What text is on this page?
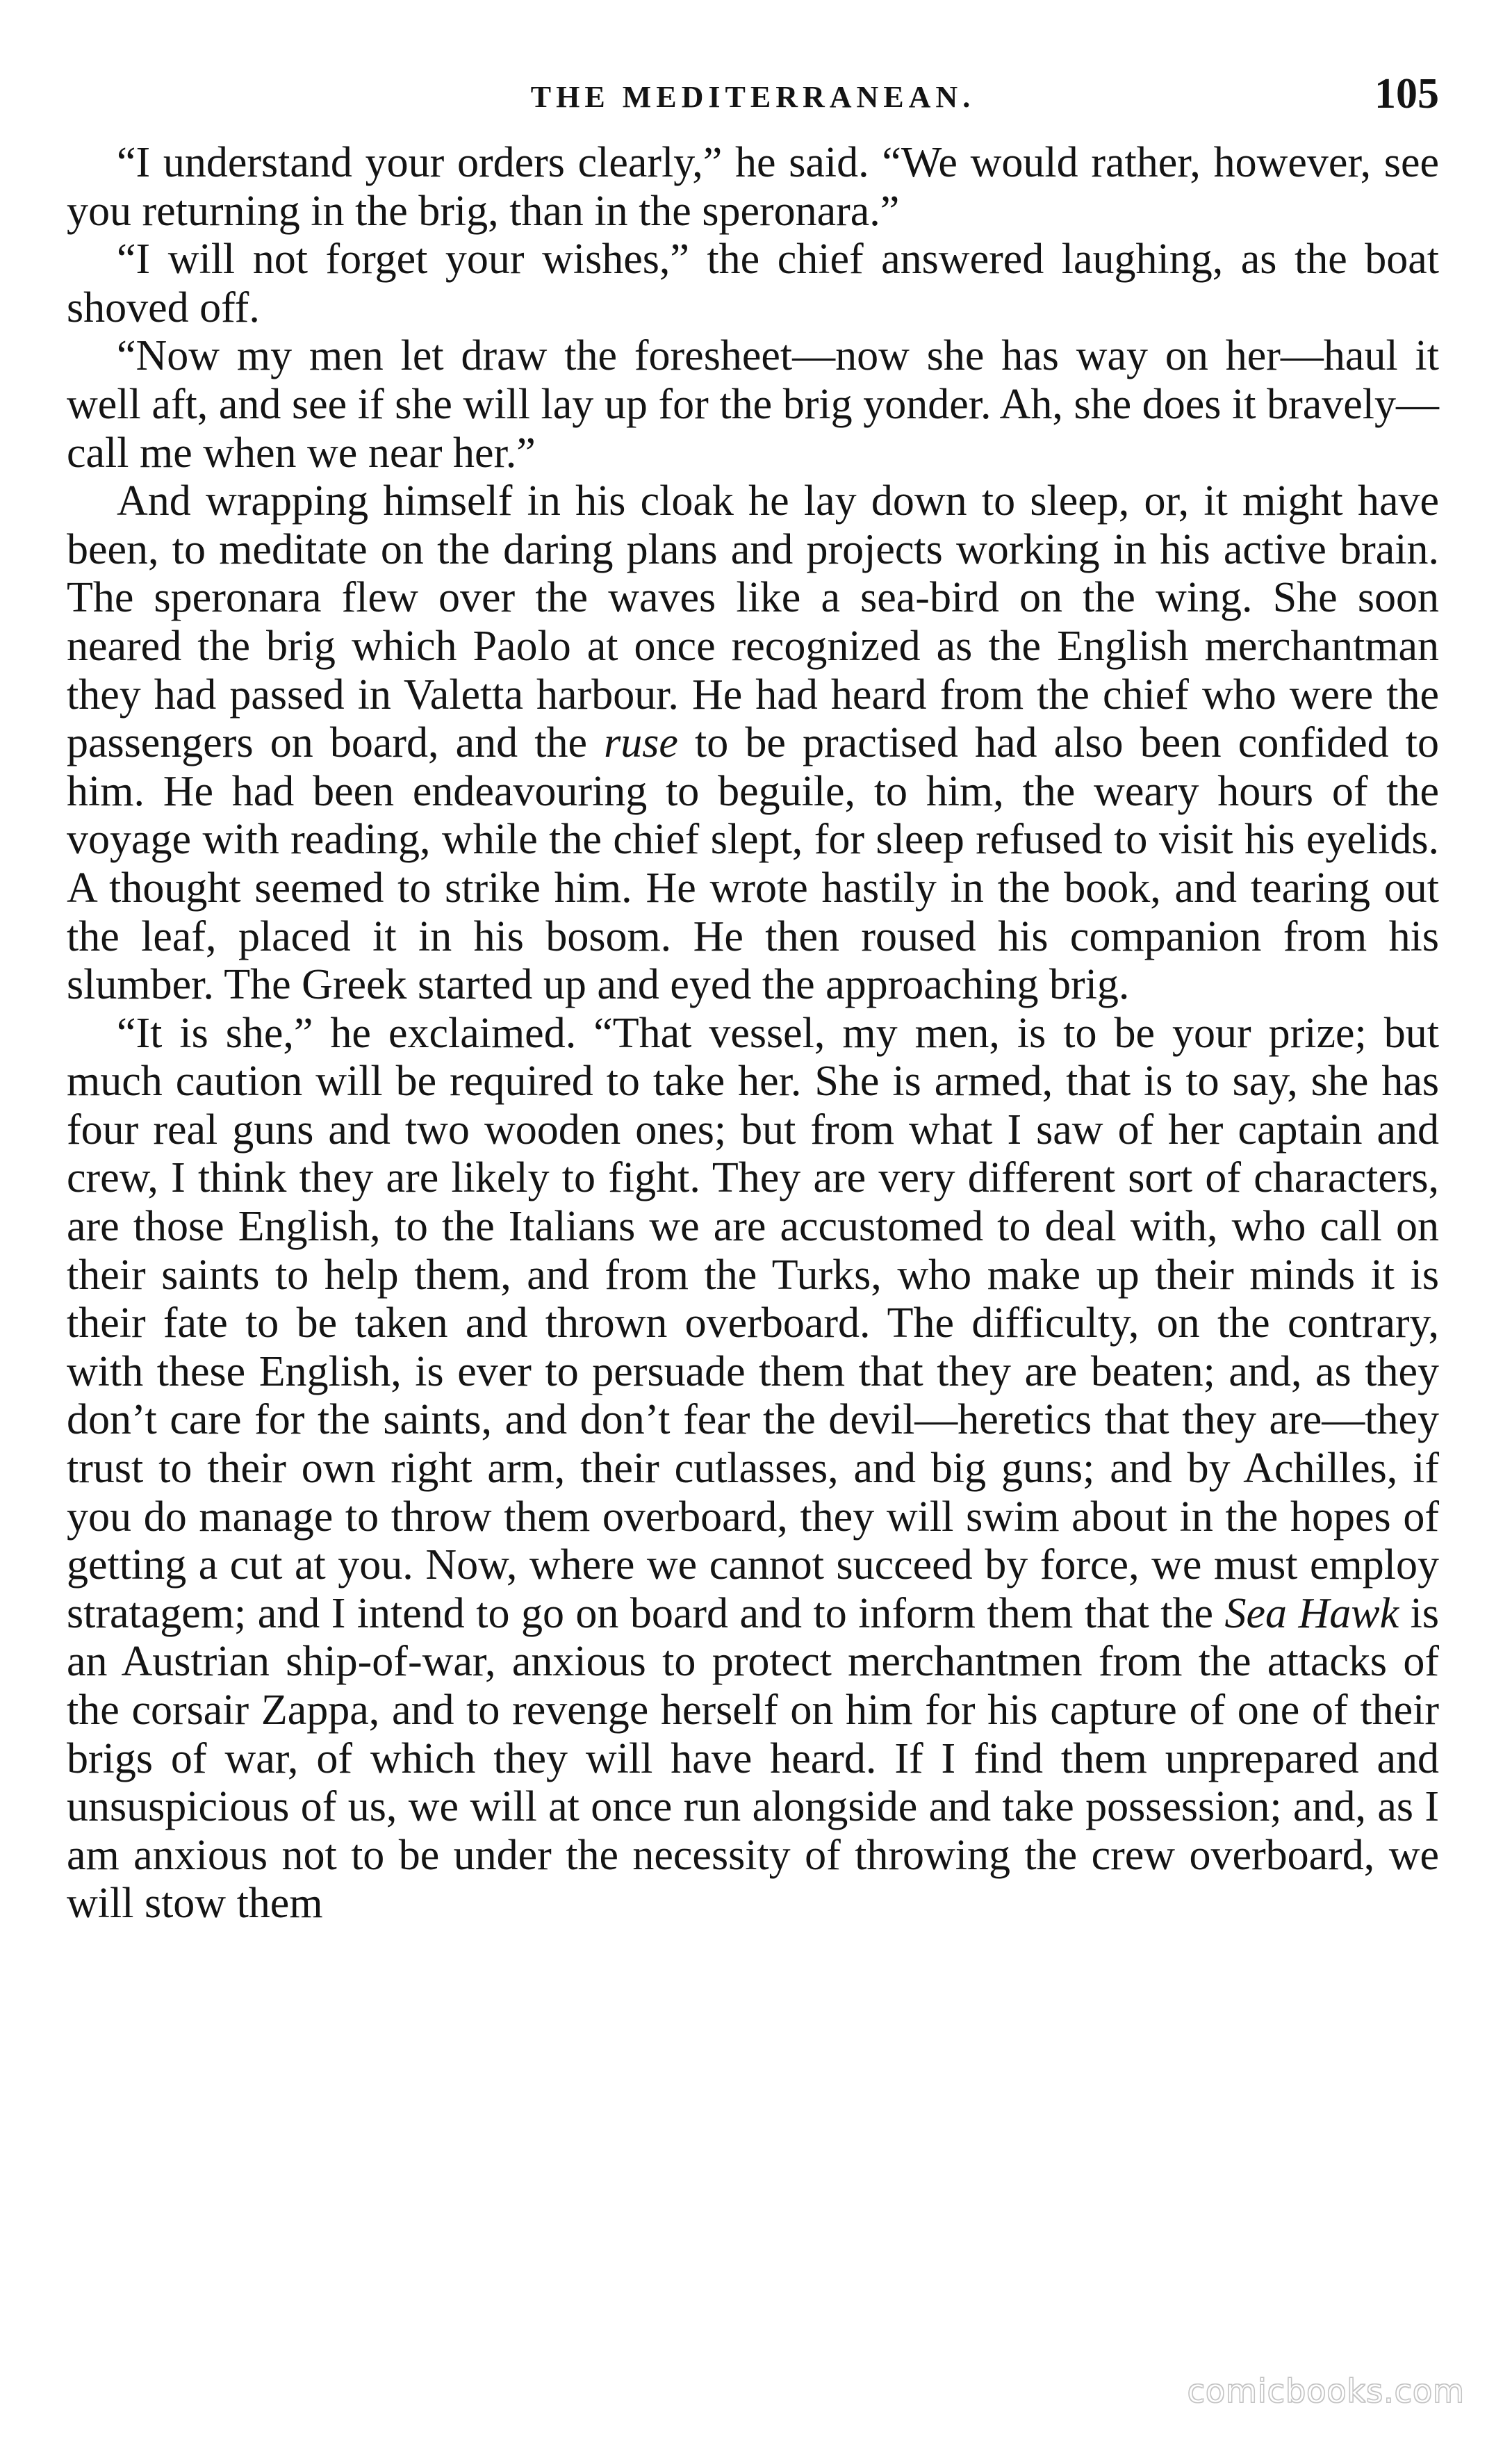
THE MEDITERRANEAN.	105

“I understand your orders clearly,” he said. “We would rather, however, see you returning in the brig, than in the speronara.”

“I will not forget your wishes,” the chief answered laughing, as the boat shoved off.

“Now my men let draw the foresheet—now she has way on her—haul it well aft, and see if she will lay up for the brig yonder. Ah, she does it bravely—call me when we near her.”

And wrapping himself in his cloak he lay down to sleep, or, it might have been, to meditate on the daring plans and projects working in his active brain. The speronara flew over the waves like a sea-bird on the wing. She soon neared the brig which Paolo at once recognized as the English merchantman they had passed in Valetta harbour. He had heard from the chief who were the passengers on board, and the ruse to be practised had also been confided to him. He had been endeavouring to beguile, to him, the weary hours of the voyage with reading, while the chief slept, for sleep refused to visit his eyelids. A thought seemed to strike him. He wrote hastily in the book, and tearing out the leaf, placed it in his bosom. He then roused his companion from his slumber. The Greek started up and eyed the approaching brig.

“It is she,” he exclaimed. “That vessel, my men, is to be your prize; but much caution will be required to take her. She is armed, that is to say, she has four real guns and two wooden ones; but from what I saw of her captain and crew, I think they are likely to fight. They are very different sort of characters, are those English, to the Italians we are accustomed to deal with, who call on their saints to help them, and from the Turks, who make up their minds it is their fate to be taken and thrown overboard. The difficulty, on the contrary, with these English, is ever to persuade them that they are beaten; and, as they don’t care for the saints, and don’t fear the devil—heretics that they are—they trust to their own right arm, their cutlasses, and big guns; and by Achilles, if you do manage to throw them overboard, they will swim about in the hopes of getting a cut at you. Now, where we cannot succeed by force, we must employ stratagem; and I intend to go on board and to inform them that the Sea Hawk is an Austrian ship-of-war, anxious to protect merchantmen from the attacks of the corsair Zappa, and to revenge herself on him for his capture of one of their brigs of war, of which they will have heard. If I find them unprepared and unsuspicious of us, we will at once run alongside and take possession; and, as I am anxious not to be under the necessity of throwing the crew overboard, we will stow them

comicbooks.com
